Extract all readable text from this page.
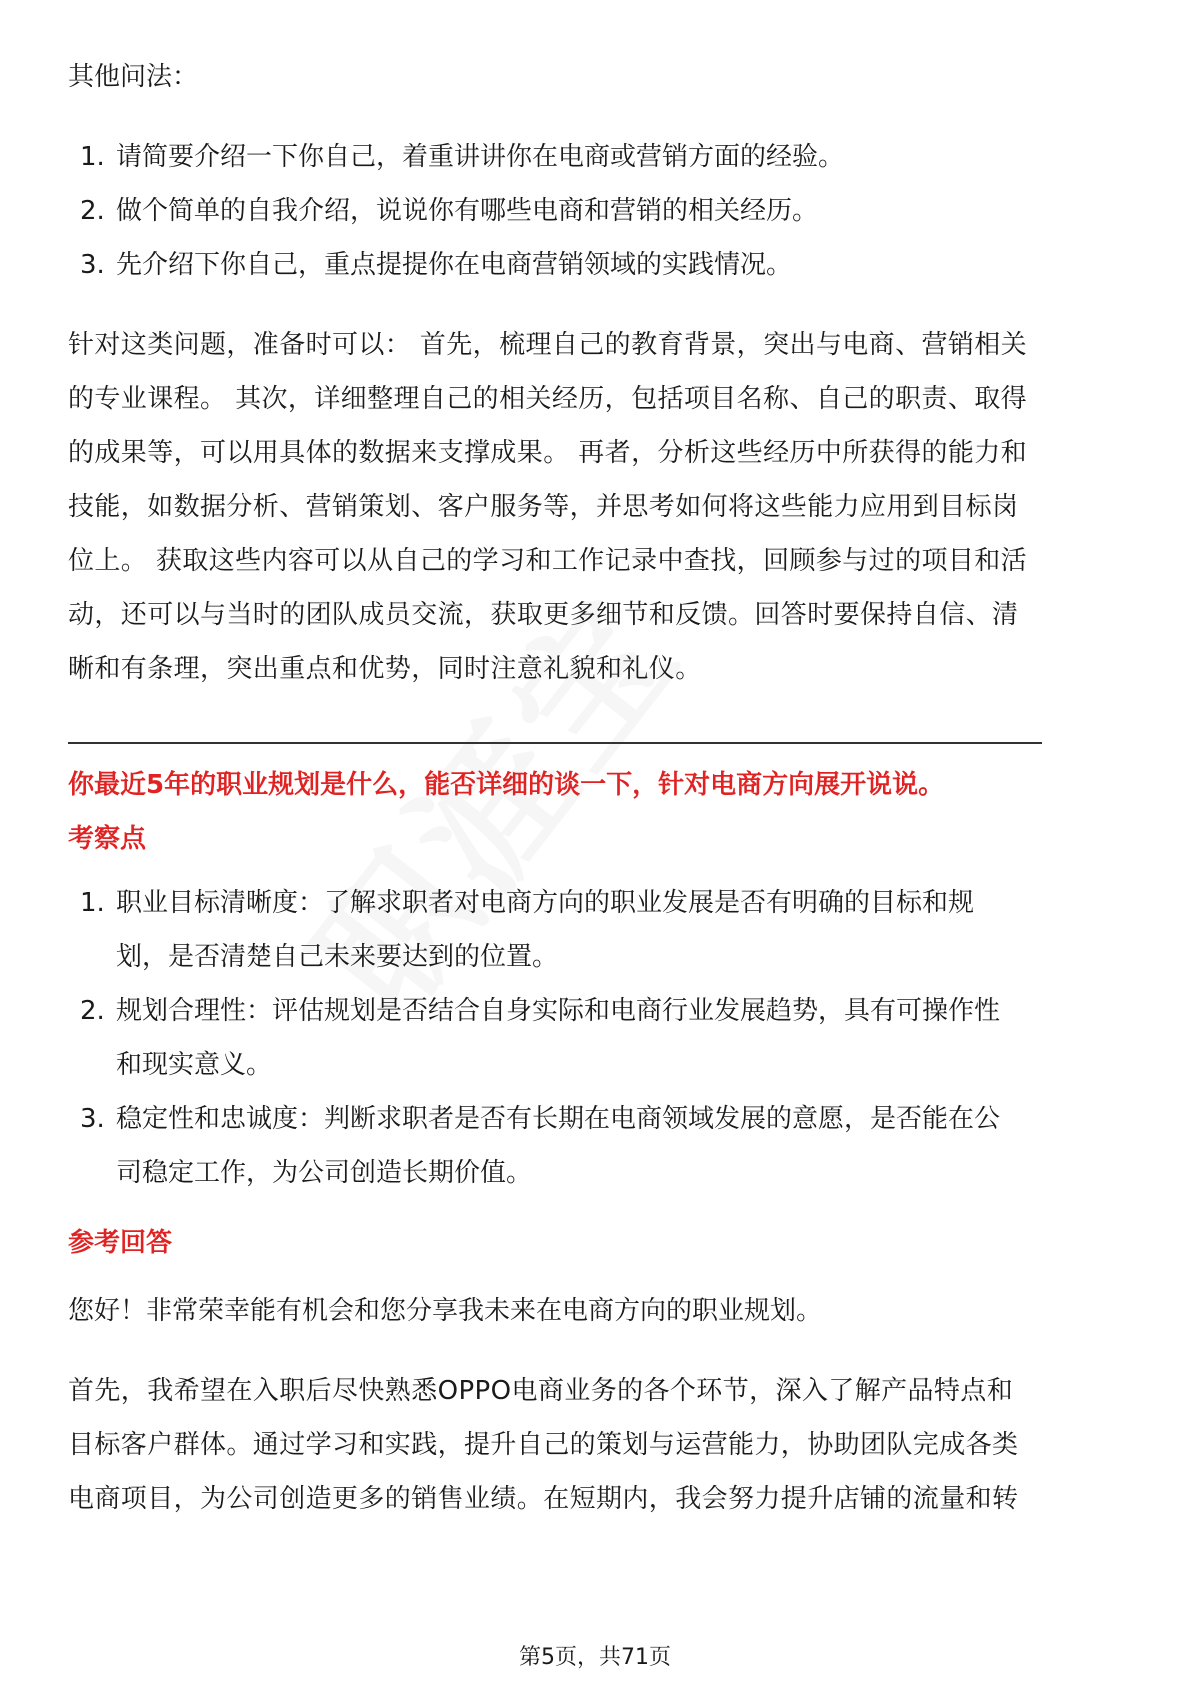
其他问法：
1. 请简要介绍一下你自己，着重讲讲你在电商或营销方面的经验。
2. 做个简单的自我介绍，说说你有哪些电商和营销的相关经历。
3. 先介绍下你自己，重点提提你在电商营销领域的实践情况。
针对这类问题，准备时可以： 首先，梳理自己的教育背景，突出与电商、营销相关
的专业课程。 其次，详细整理自己的相关经历，包括项目名称、自己的职责、取得
的成果等，可以用具体的数据来支撑成果。 再者，分析这些经历中所获得的能力和
技能，如数据分析、营销策划、客户服务等，并思考如何将这些能力应用到目标岗
位上。 获取这些内容可以从自己的学习和工作记录中查找，回顾参与过的项目和活
动，还可以与当时的团队成员交流，获取更多细节和反馈。回答时要保持自信、清
晰和有条理，突出重点和优势，同时注意礼貌和礼仪。
你最近5年的职业规划是什么，能否详细的谈一下，针对电商方向展开说说。
考察点
1. 职业目标清晰度：了解求职者对电商方向的职业发展是否有明确的目标和规
划，是否清楚自己未来要达到的位置。
2. 规划合理性：评估规划是否结合自身实际和电商行业发展趋势，具有可操作性
和现实意义。
3. 稳定性和忠诚度：判断求职者是否有长期在电商领域发展的意愿，是否能在公
司稳定工作，为公司创造长期价值。
参考回答
您好！非常荣幸能有机会和您分享我未来在电商方向的职业规划。
首先，我希望在入职后尽快熟悉OPPO电商业务的各个环节，深入了解产品特点和
目标客户群体。通过学习和实践，提升自己的策划与运营能力，协助团队完成各类
电商项目，为公司创造更多的销售业绩。在短期内，我会努力提升店铺的流量和转
第5页，共71页
